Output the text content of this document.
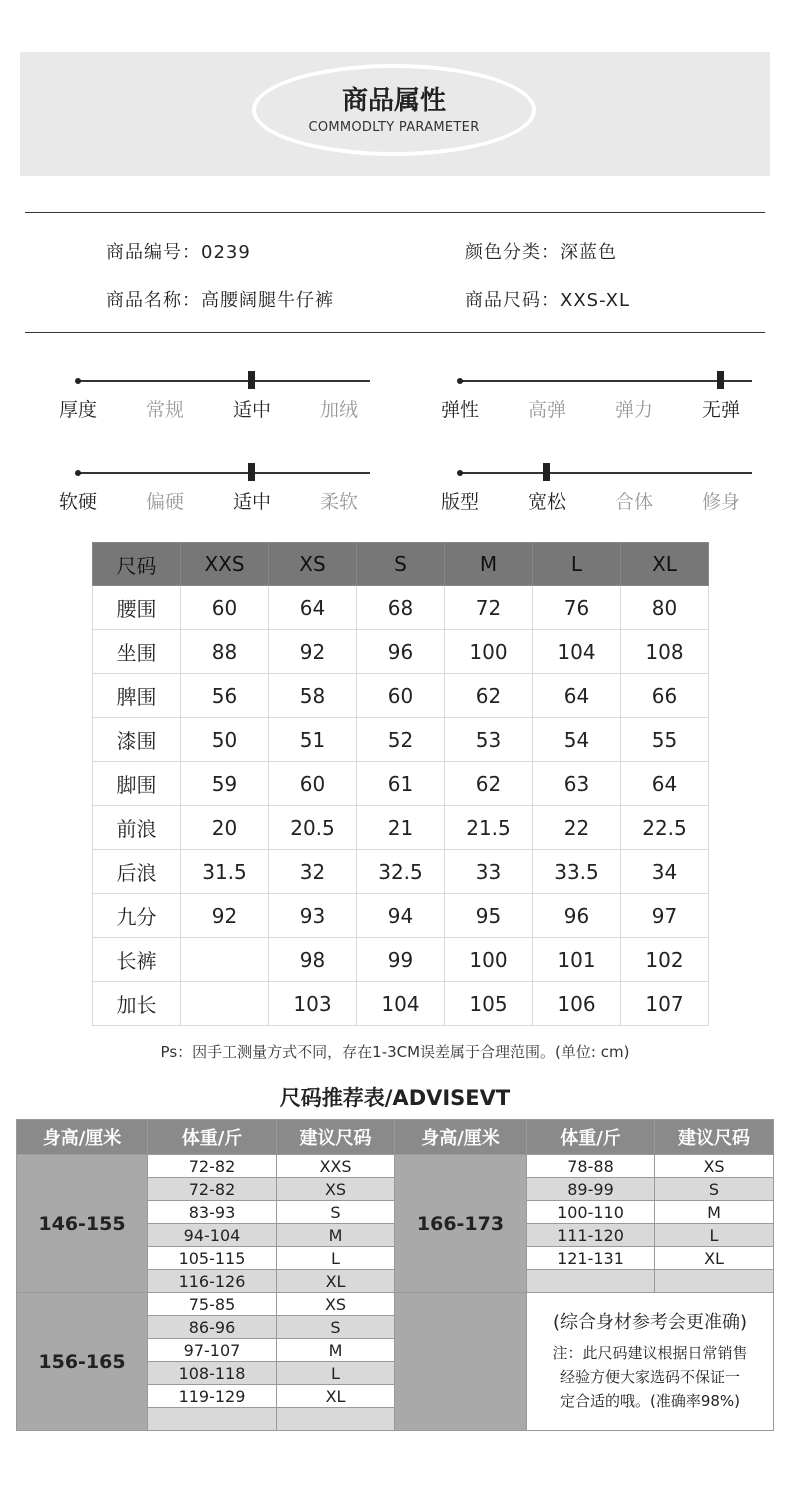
商品属性
COMMODLTY PARAMETER
商品编号：0239	颜色分类：深蓝色
商品名称：高腰阔腿牛仔裤	商品尺码：XXS-XL
厚度	常规	适中	加绒	弹性	高弹	弹力	无弹
软硬	偏硬	适中	柔软	版型	宽松	合体	修身
尺码	XXS	XS	S	M	L	XL
腰围	60	64	68	72	76	80
坐围	88	92	96	100	104	108
脾围	56	58	60	62	64	66
漆围	50	51	52	53	54	55
脚围	59	60	61	62	63	64
前浪	20	20.5	21	21.5	22	22.5
后浪	31.5	32	32.5	33	33.5	34
九分	92	93	94	95	96	97
长裤		98	99	100	101	102
加长		103	104	105	106	107
Ps：因手工测量方式不同，存在1-3CM误差属于合理范围。(单位: cm)
尺码推荐表/ADVISEVT
身高/厘米	体重/斤	建议尺码	身高/厘米	体重/斤	建议尺码
146-155	72-82	XXS	166-173	78-88	XS
	72-82	XS		89-99	S
	83-93	S		100-110	M
	94-104	M		111-120	L
	105-115	L		121-131	XL
	116-126	XL			
156-165	75-85	XS		(综合身材参考会更准确)
注：此尺码建议根据日常销售
经验方便大家选码不保证一
定合适的哦。(准确率98%)	

	86-96	S			
	97-107	M			
	108-118	L			
	119-129	XL			
